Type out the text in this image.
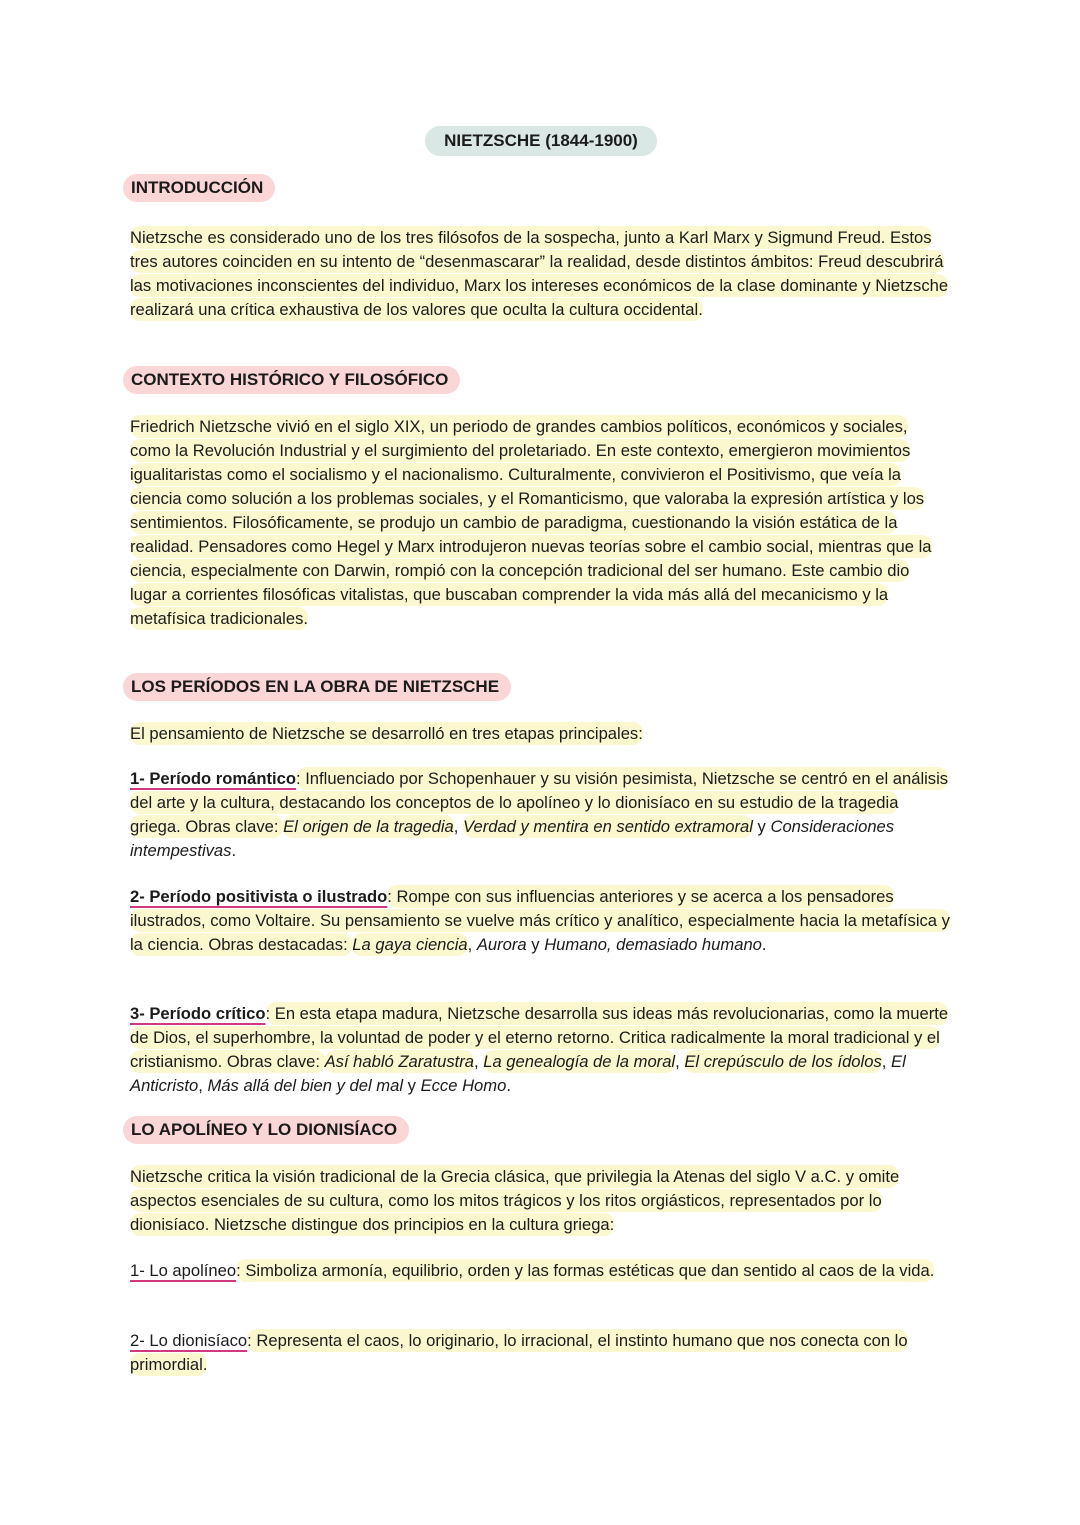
NIETZSCHE (1844-1900)
INTRODUCCIÓN

Nietzsche es considerado uno de los tres filósofos de la sospecha, junto a Karl Marx y Sigmund Freud. Estos tres autores coinciden en su intento de “desenmascarar” la realidad, desde distintos ámbitos: Freud descubrirá las motivaciones inconscientes del individuo, Marx los intereses económicos de la clase dominante y Nietzsche realizará una crítica exhaustiva de los valores que oculta la cultura occidental.

CONTEXTO HISTÓRICO Y FILOSÓFICO

Friedrich Nietzsche vivió en el siglo XIX, un periodo de grandes cambios políticos, económicos y sociales, como la Revolución Industrial y el surgimiento del proletariado. En este contexto, emergieron movimientos igualitaristas como el socialismo y el nacionalismo. Culturalmente, convivieron el Positivismo, que veía la ciencia como solución a los problemas sociales, y el Romanticismo, que valoraba la expresión artística y los sentimientos. Filosóficamente, se produjo un cambio de paradigma, cuestionando la visión estática de la realidad. Pensadores como Hegel y Marx introdujeron nuevas teorías sobre el cambio social, mientras que la ciencia, especialmente con Darwin, rompió con la concepción tradicional del ser humano. Este cambio dio lugar a corrientes filosóficas vitalistas, que buscaban comprender la vida más allá del mecanicismo y la metafísica tradicionales.

LOS PERÍODOS EN LA OBRA DE NIETZSCHE

El pensamiento de Nietzsche se desarrolló en tres etapas principales:

1- Período romántico: Influenciado por Schopenhauer y su visión pesimista, Nietzsche se centró en el análisis del arte y la cultura, destacando los conceptos de lo apolíneo y lo dionisíaco en su estudio de la tragedia griega. Obras clave: El origen de la tragedia, Verdad y mentira en sentido extramoral y Consideraciones intempestivas.

2- Período positivista o ilustrado: Rompe con sus influencias anteriores y se acerca a los pensadores ilustrados, como Voltaire. Su pensamiento se vuelve más crítico y analítico, especialmente hacia la metafísica y la ciencia. Obras destacadas: La gaya ciencia, Aurora y Humano, demasiado humano.

3- Período crítico: En esta etapa madura, Nietzsche desarrolla sus ideas más revolucionarias, como la muerte de Dios, el superhombre, la voluntad de poder y el eterno retorno. Critica radicalmente la moral tradicional y el cristianismo. Obras clave: Así habló Zaratustra, La genealogía de la moral, El crepúsculo de los ídolos, El Anticristo, Más allá del bien y del mal y Ecce Homo.

LO APOLÍNEO Y LO DIONISÍACO

Nietzsche critica la visión tradicional de la Grecia clásica, que privilegia la Atenas del siglo V a.C. y omite aspectos esenciales de su cultura, como los mitos trágicos y los ritos orgiásticos, representados por lo dionisíaco. Nietzsche distingue dos principios en la cultura griega:

1- Lo apolíneo: Simboliza armonía, equilibrio, orden y las formas estéticas que dan sentido al caos de la vida.

2- Lo dionisíaco: Representa el caos, lo originario, lo irracional, el instinto humano que nos conecta con lo primordial.
